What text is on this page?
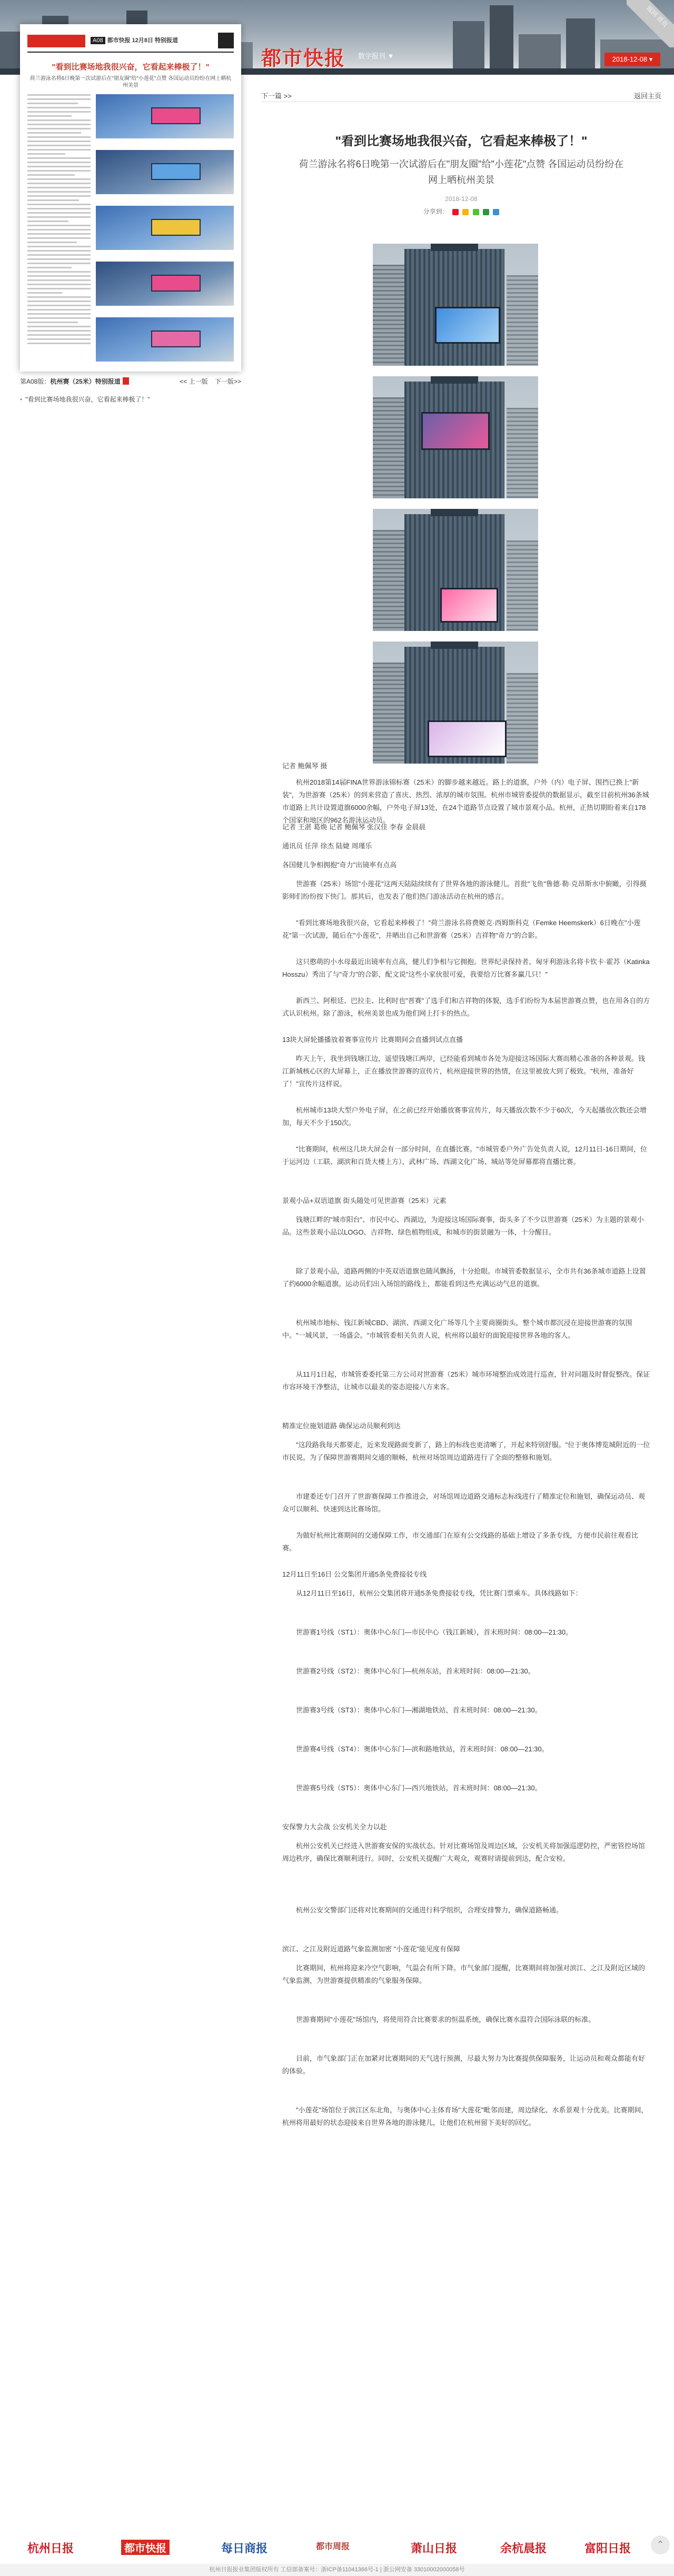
都市快报 数字报刊 ▼	2018-12-08 ▾
返回 首页
A08 都市快报 12月8日 特别报道
"看到比赛场地我很兴奋，它看起来棒极了！"
荷兰游泳名将6日晚第一次试游后在"朋友圈"给"小莲花"点赞 各国运动员纷纷在网上晒杭州美景
第A08版：杭州赛（25米）特别报道	<< 上一版 下一版>>
• "看到比赛场地我很兴奋，它看起来棒极了！"
下一篇 >>	返回主页
"看到比赛场地我很兴奋，它看起来棒极了！"
荷兰游泳名将6日晚第一次试游后在"朋友圈"给"小莲花"点赞 各国运动员纷纷在
网上晒杭州美景
2018-12-08
分享到：
记者 鲍佩琴 摄
杭州2018第14届FINA世界游泳锦标赛（25米）的脚步越来越近。路上的道旗，户外（内）电子屏、围挡已换上"新装"，为世游赛（25米）的到来营造了喜庆、热烈、浓厚的城市氛围。杭州市城管委提供的数据显示，截至目前杭州36条城市道路上共计设置道旗6000余幅，户外电子屏13处，在24个道路节点设置了城市景观小品。杭州，正热切期盼着来自178个国家和地区的962名游泳运动员。
记者 王湛 葛焕 记者 鲍佩琴 张汉佳 李春 金晨晨
通讯员 任萍 徐杰 陆婕 周瑾乐
各国健儿争相拥抱"奇力"出镜率有点高
世游赛（25米）场馆"小莲花"这两天陆陆续续有了世界各地的游泳健儿。首批"飞鱼"鲁德·勒·克昂斯水中俯瞰，引得摄影师们纷纷按下快门。那其后，也发表了他们热门游泳活动在杭州的感言。
"看到比赛场地我很兴奋，它看起来棒极了！"荷兰游泳名将费姬克·西姆斯科克（Femke Heemskerk）6日晚在"小莲花"第一次试游，随后在"小莲花"，并晒出自己和世游赛（25米）吉祥物"奇力"的合影。
这只憨萌的小水母最近出镜率有点高，健儿们争相与它拥抱。世界纪录保持者、匈牙利游泳名将卡钦卡·霍苏（Katinka Hosszu）秀出了与"奇力"的合影，配文说"这些小家伙很可爱，我要给万比赛多赢几只！"
新西兰、阿根廷、巴拉圭、比利时也"晋赛"了选手们和吉祥物的体貌，选手们纷纷为本届世游赛点赞，也在用各自的方式认识杭州。除了游泳，杭州美景也成为他们网上打卡的热点。
13块大屏轮播播放着赛事宣传片 比赛期间会直播到试点直播
昨天上午，我坐到钱塘江边，遥望钱塘江两岸，已经能看到城市各处为迎接这场国际大赛而精心准备的各种景观。钱江新城核心区的大屏幕上，正在播放世游赛的宣传片，杭州迎接世界的热情，在这里被放大到了极致。"杭州，准备好了！"宣传片这样说。
杭州城市13块大型户外电子屏，在之前已经开始播放赛事宣传片，每天播放次数不少于60次，今天起播放次数还会增加，每天不少于150次。
"比赛期间，杭州这几块大屏会有一部分时间，在直播比赛。"市城管委户外广告处负责人说，12月11日-16日期间，位于运河边（工联、湖滨和百货大楼上方），武林广场、西湖文化广场、城站等处屏幕都将直播比赛。
景观小品+双语道旗 街头随处可见世游赛（25米）元素
钱塘江畔的"城市阳台"、市民中心、西湖边，为迎接这场国际赛事，街头多了不少以世游赛（25米）为主题的景观小品。这些景观小品以LOGO、吉祥物、绿色植物组成，和城市的街景融为一体，十分醒目。
除了景观小品，道路两侧的中英双语道旗也随风飘扬，十分抢眼。市城管委数据显示，全市共有36条城市道路上设置了约6000余幅道旗。运动员们出入场馆的路线上，都能看到这些充满运动气息的道旗。
杭州城市地标、钱江新城CBD、湖滨、西湖文化广场等几个主要商圈街头，整个城市都沉浸在迎接世游赛的氛围中。"一城风景，一场盛会。"市城管委相关负责人说，杭州将以最好的面貌迎接世界各地的客人。
从11月1日起，市城管委委托第三方公司对世游赛（25米）城市环境整治成效进行巡查，针对问题及时督促整改。保证市容环境干净整洁，让城市以最美的姿态迎接八方来客。
精准定位施划道路 确保运动员顺利到达
"这段路我每天都要走，近来发现路面变新了，路上的标线也更清晰了，开起来特别舒服。"位于奥体博览城附近的一位市民说。为了保障世游赛期间交通的顺畅，杭州对场馆周边道路进行了全面的整修和施划。
市建委还专门召开了世游赛保障工作推进会，对场馆周边道路交通标志标线进行了精准定位和施划，确保运动员、观众可以顺利、快速到达比赛场馆。
为做好杭州比赛期间的交通保障工作，市交通部门在原有公交线路的基础上增设了多条专线，方便市民前往观看比赛。
12月11日至16日 公交集团开通5条免费接驳专线
从12月11日至16日，杭州公交集团将开通5条免费接驳专线，凭比赛门票乘车。具体线路如下：
世游赛1号线（ST1）：奥体中心东门—市民中心（钱江新城），首末班时间：08:00—21:30。
世游赛2号线（ST2）：奥体中心东门—杭州东站，首末班时间：08:00—21:30。
世游赛3号线（ST3）：奥体中心东门—湘湖地铁站，首末班时间：08:00—21:30。
世游赛4号线（ST4）：奥体中心东门—滨和路地铁站，首末班时间：08:00—21:30。
世游赛5号线（ST5）：奥体中心东门—西兴地铁站，首末班时间：08:00—21:30。
安保警力大会战 公安机关全力以赴
杭州公安机关已经进入世游赛安保的实战状态。针对比赛场馆及周边区域，公安机关将加强巡逻防控，严密管控场馆周边秩序，确保比赛顺利进行。同时，公安机关提醒广大观众，观赛时请提前到达，配合安检。
杭州公安交警部门还将对比赛期间的交通进行科学组织，合理安排警力，确保道路畅通。
滨江、之江及附近道路气象监测加密 "小莲花"能见度有保障
比赛期间，杭州将迎来冷空气影响，气温会有所下降。市气象部门提醒，比赛期间将加强对滨江、之江及附近区域的气象监测，为世游赛提供精准的气象服务保障。
世游赛期间"小莲花"场馆内，将使用符合比赛要求的恒温系统，确保比赛水温符合国际泳联的标准。
目前，市气象部门正在加紧对比赛期间的天气进行预测，尽最大努力为比赛提供保障服务，让运动员和观众都能有好的体验。
"小莲花"场馆位于滨江区东北角，与奥体中心主体育场"大莲花"毗邻而建，周边绿化、水系景观十分优美。比赛期间，杭州将用最好的状态迎接来自世界各地的游泳健儿，让他们在杭州留下美好的回忆。
杭州日报	都市快报	每日商报	都市周报	萧山日报	余杭晨报	富阳日报	⌃
杭州日报报业集团版权所有 工信部备案号：浙ICP备11041366号-1 | 浙公网安备 33010002000058号
